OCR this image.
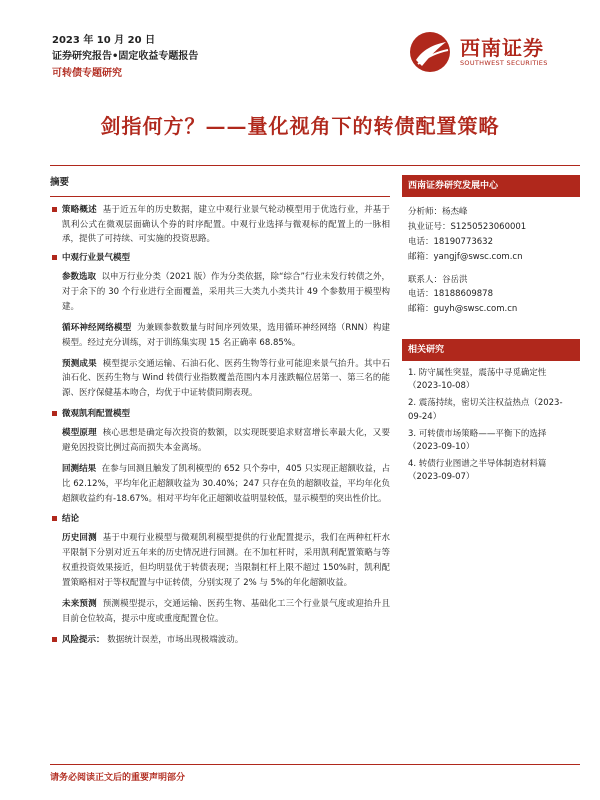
2023 年 10 月 20 日
证券研究报告•固定收益专题报告
可转债专题研究
西南证券
SOUTHWEST SECURITIES
剑指何方？——量化视角下的转债配置策略
摘要
策略概述 基于近五年的历史数据，建立中观行业景气轮动模型用于优选行业，并基于凯利公式在微观层面确认个券的时序配置。中观行业选择与微观标的配置上的一脉相承，提供了可持续、可实施的投资思路。
中观行业景气模型
参数选取 以申万行业分类（2021 版）作为分类依据，除“综合”行业未发行转债之外，对于余下的 30 个行业进行全面覆盖，采用共三大类九小类共计 49 个参数用于模型构建。
循环神经网络模型 为兼顾参数数量与时间序列效果，选用循环神经网络（RNN）构建模型。经过充分训练，对于训练集实现 15 名正确率 68.85%。
预测成果 模型提示交通运输、石油石化、医药生物等行业可能迎来景气抬升。其中石油石化、医药生物与 Wind 转债行业指数覆盖范围内本月涨跌幅位居第一、第三名的能源、医疗保健基本吻合，均优于中证转债同期表现。
微观凯利配置模型
模型原理 核心思想是确定每次投资的数额，以实现既要追求财富增长率最大化，又要避免因投资比例过高而损失本金离场。
回测结果 在参与回测且触发了凯利模型的 652 只个券中，405 只实现正超额收益，占比 62.12%，平均年化正超额收益为 30.40%；247 只存在负的超额收益，平均年化负超额收益约有-18.67%。相对平均年化正超额收益明显较低，显示模型的突出性价比。
结论
历史回测 基于中观行业模型与微观凯利模型提供的行业配置提示，我们在两种杠杆水平限制下分别对近五年来的历史情况进行回测。在不加杠杆时，采用凯利配置策略与等权重投资效果接近，但均明显优于转债表现；当限制杠杆上限不超过 150%时，凯利配置策略相对于等权配置与中证转债，分别实现了 2% 与 5%的年化超额收益。
未来预测 预测模型提示，交通运输、医药生物、基础化工三个行业景气度或迎抬升且目前仓位较高，提示中度或重度配置仓位。
风险提示： 数据统计误差，市场出现极端波动。
西南证券研究发展中心
分析师：杨杰峰
执业证号：S1250523060001
电话：18190773632
邮箱：yangjf@swsc.com.cn
联系人：谷岳洪
电话：18188609878
邮箱：guyh@swsc.com.cn
相关研究
1. 防守属性突显，震荡中寻觅确定性（2023-10-08）
2. 震荡持续，密切关注权益热点（2023-09-24）
3. 可转债市场策略——平衡下的选择（2023-09-10）
4. 转债行业图谱之半导体制造材料篇（2023-09-07）
请务必阅读正文后的重要声明部分
